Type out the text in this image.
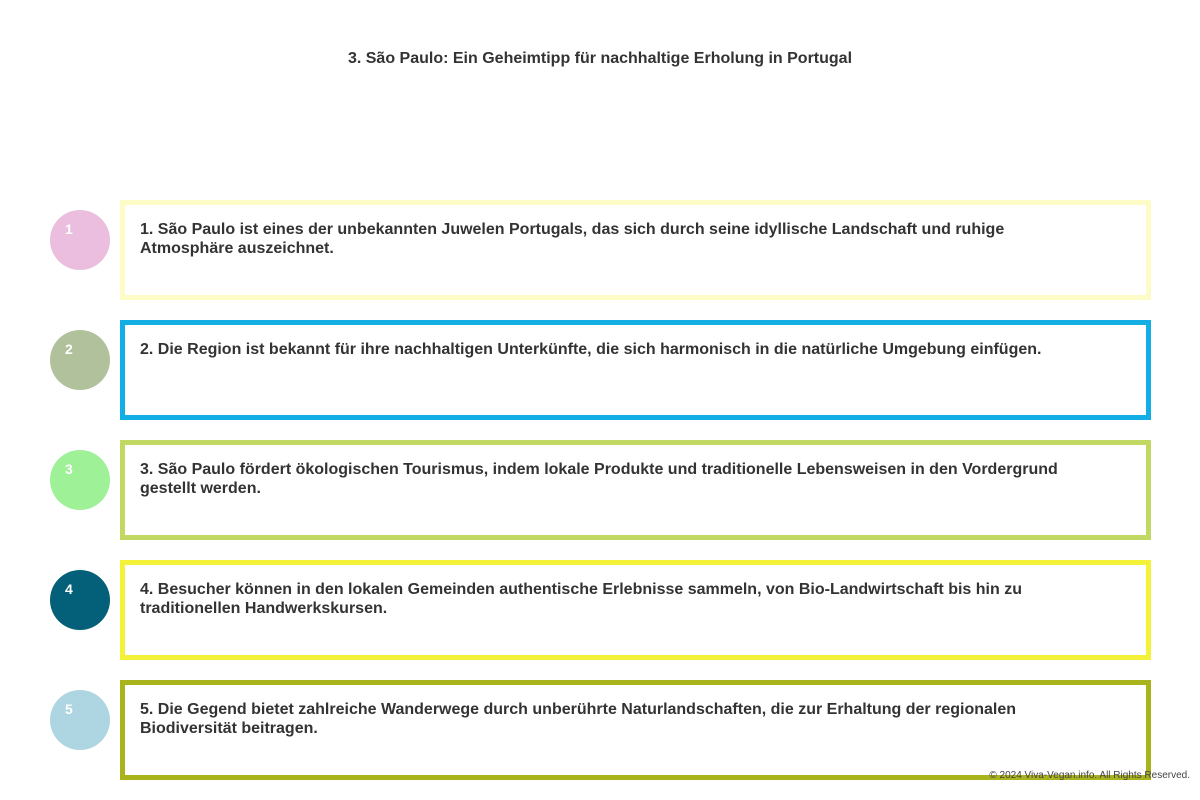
3. São Paulo: Ein Geheimtipp für nachhaltige Erholung in Portugal
1	1. São Paulo ist eines der unbekannten Juwelen Portugals, das sich durch seine idyllische Landschaft und ruhige Atmosphäre auszeichnet.
2	2. Die Region ist bekannt für ihre nachhaltigen Unterkünfte, die sich harmonisch in die natürliche Umgebung einfügen.
3	3. São Paulo fördert ökologischen Tourismus, indem lokale Produkte und traditionelle Lebensweisen in den Vordergrund gestellt werden.
4	4. Besucher können in den lokalen Gemeinden authentische Erlebnisse sammeln, von Bio-Landwirtschaft bis hin zu traditionellen Handwerkskursen.
5	5. Die Gegend bietet zahlreiche Wanderwege durch unberührte Naturlandschaften, die zur Erhaltung der regionalen Biodiversität beitragen.
© 2024 Viva-Vegan.info. All Rights Reserved.
